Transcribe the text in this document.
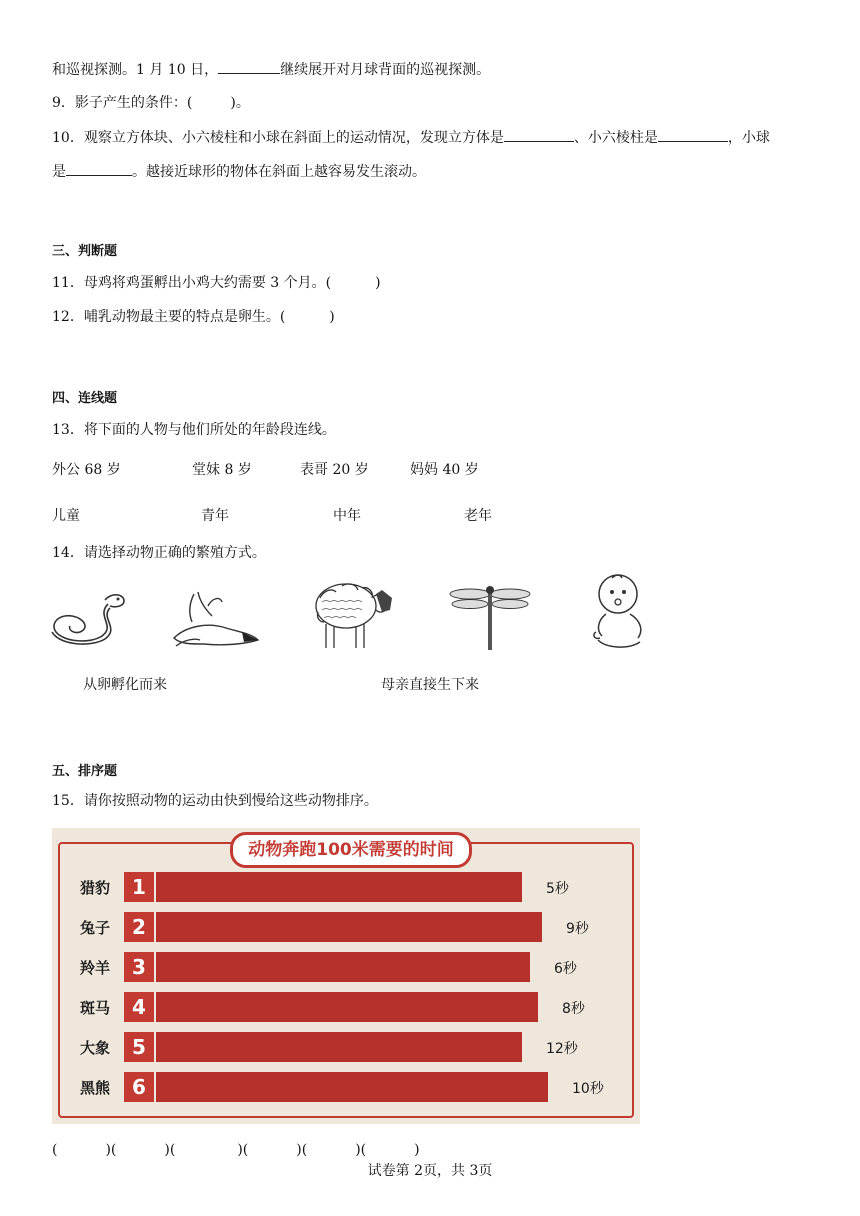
和巡视探测。1 月 10 日，	继续展开对月球背面的巡视探测。
9．影子产生的条件：(	)。
10．观察立方体块、小六棱柱和小球在斜面上的运动情况，发现立方体是	、小六棱柱是	，小球
是	。越接近球形的物体在斜面上越容易发生滚动。
三、判断题
11．母鸡将鸡蛋孵出小鸡大约需要 3 个月。(	)
12．哺乳动物最主要的特点是卵生。(	)
四、连线题
13．将下面的人物与他们所处的年龄段连线。
外公 68 岁	堂妹 8 岁	表哥 20 岁	妈妈 40 岁
儿童	青年	中年	老年
14．请选择动物正确的繁殖方式。
从卵孵化而来	母亲直接生下来
五、排序题
15．请你按照动物的运动由快到慢给这些动物排序。
动物奔跑100米需要的时间
猎豹	1	5秒
兔子	2	9秒
羚羊	3	6秒
斑马	4	8秒
大象	5	12秒
黑熊	6	10秒
(	)(	)(	)(	)(	)(	)
试卷第 2页，共 3页
